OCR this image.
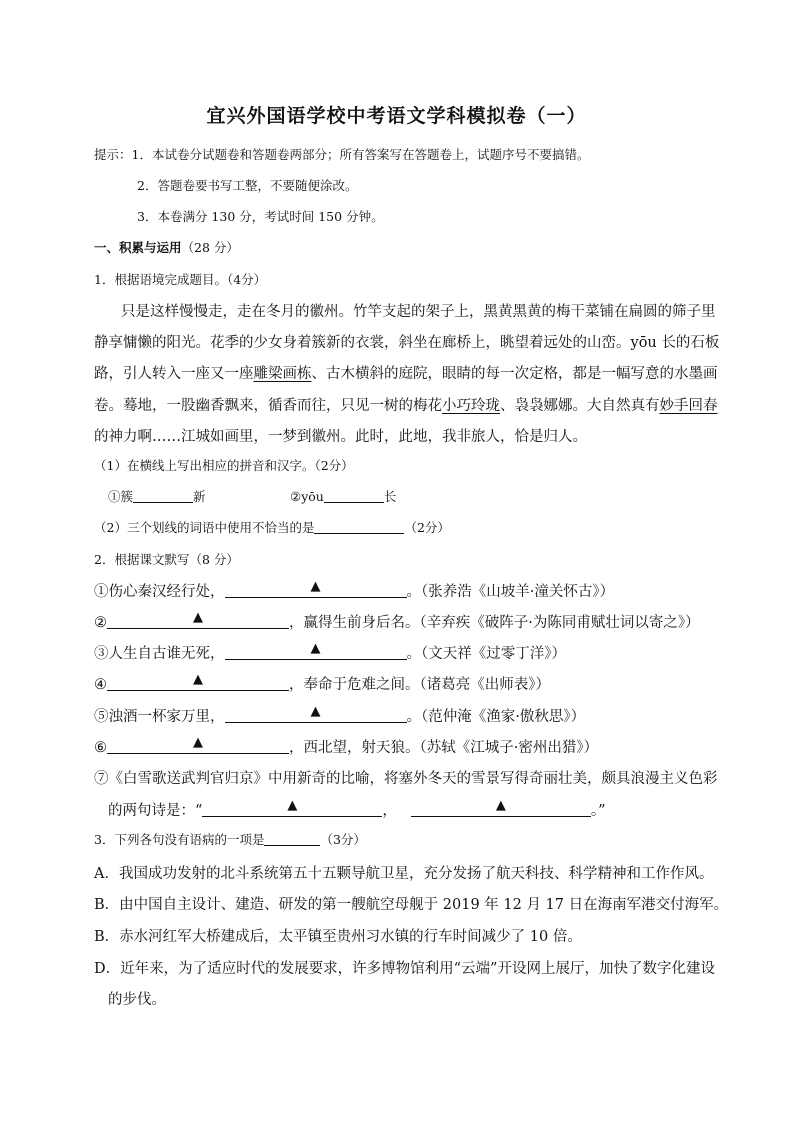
宜兴外国语学校中考语文学科模拟卷（一）
提示：1．本试卷分试题卷和答题卷两部分；所有答案写在答题卷上，试题序号不要搞错。
2．答题卷要书写工整，不要随便涂改。
3．本卷满分 130 分，考试时间 150 分钟。
一、积累与运用（28 分）
1．根据语境完成题目。（4分）
只是这样慢慢走，走在冬月的徽州。竹竿支起的架子上，黑黄黑黄的梅干菜铺在扁圆的筛子里
静享慵懒的阳光。花季的少女身着簇新的衣裳，斜坐在廊桥上，眺望着远处的山峦。yōu 长的石板
路，引人转入一座又一座雕梁画栋、古木横斜的庭院，眼睛的每一次定格，都是一幅写意的水墨画
卷。蓦地，一股幽香飘来，循香而往，只见一树的梅花小巧玲珑、袅袅娜娜。大自然真有妙手回春
的神力啊……江城如画里，一梦到徽州。此时，此地，我非旅人，恰是归人。
（1）在横线上写出相应的拼音和汉字。（2分）
①簇	新	②yōu	长
（2）三个划线的词语中使用不恰当的是	（2分）
2．根据课文默写（8 分）
①伤心秦汉经行处，	▲	。（张养浩《山坡羊·潼关怀古》）
②	▲	，赢得生前身后名。（辛弃疾《破阵子·为陈同甫赋壮词以寄之》）
③人生自古谁无死，	▲	。（文天祥《过零丁洋》）
④	▲	，奉命于危难之间。（诸葛亮《出师表》）
⑤浊酒一杯家万里，	▲	。（范仲淹《渔家·傲秋思》）
⑥	▲	，西北望，射天狼。（苏轼《江城子·密州出猎》）
⑦《白雪歌送武判官归京》中用新奇的比喻，将塞外冬天的雪景写得奇丽壮美，颇具浪漫主义色彩
的两句诗是：“	▲	，	▲	。”
3．下列各句没有语病的一项是	（3分）
A．我国成功发射的北斗系统第五十五颗导航卫星，充分发扬了航天科技、科学精神和工作作风。
B．由中国自主设计、建造、研发的第一艘航空母舰于 2019 年 12 月 17 日在海南军港交付海军。
B．赤水河红军大桥建成后，太平镇至贵州习水镇的行车时间减少了 10 倍。
D．近年来，为了适应时代的发展要求，许多博物馆利用“云端”开设网上展厅，加快了数字化建设
的步伐。
